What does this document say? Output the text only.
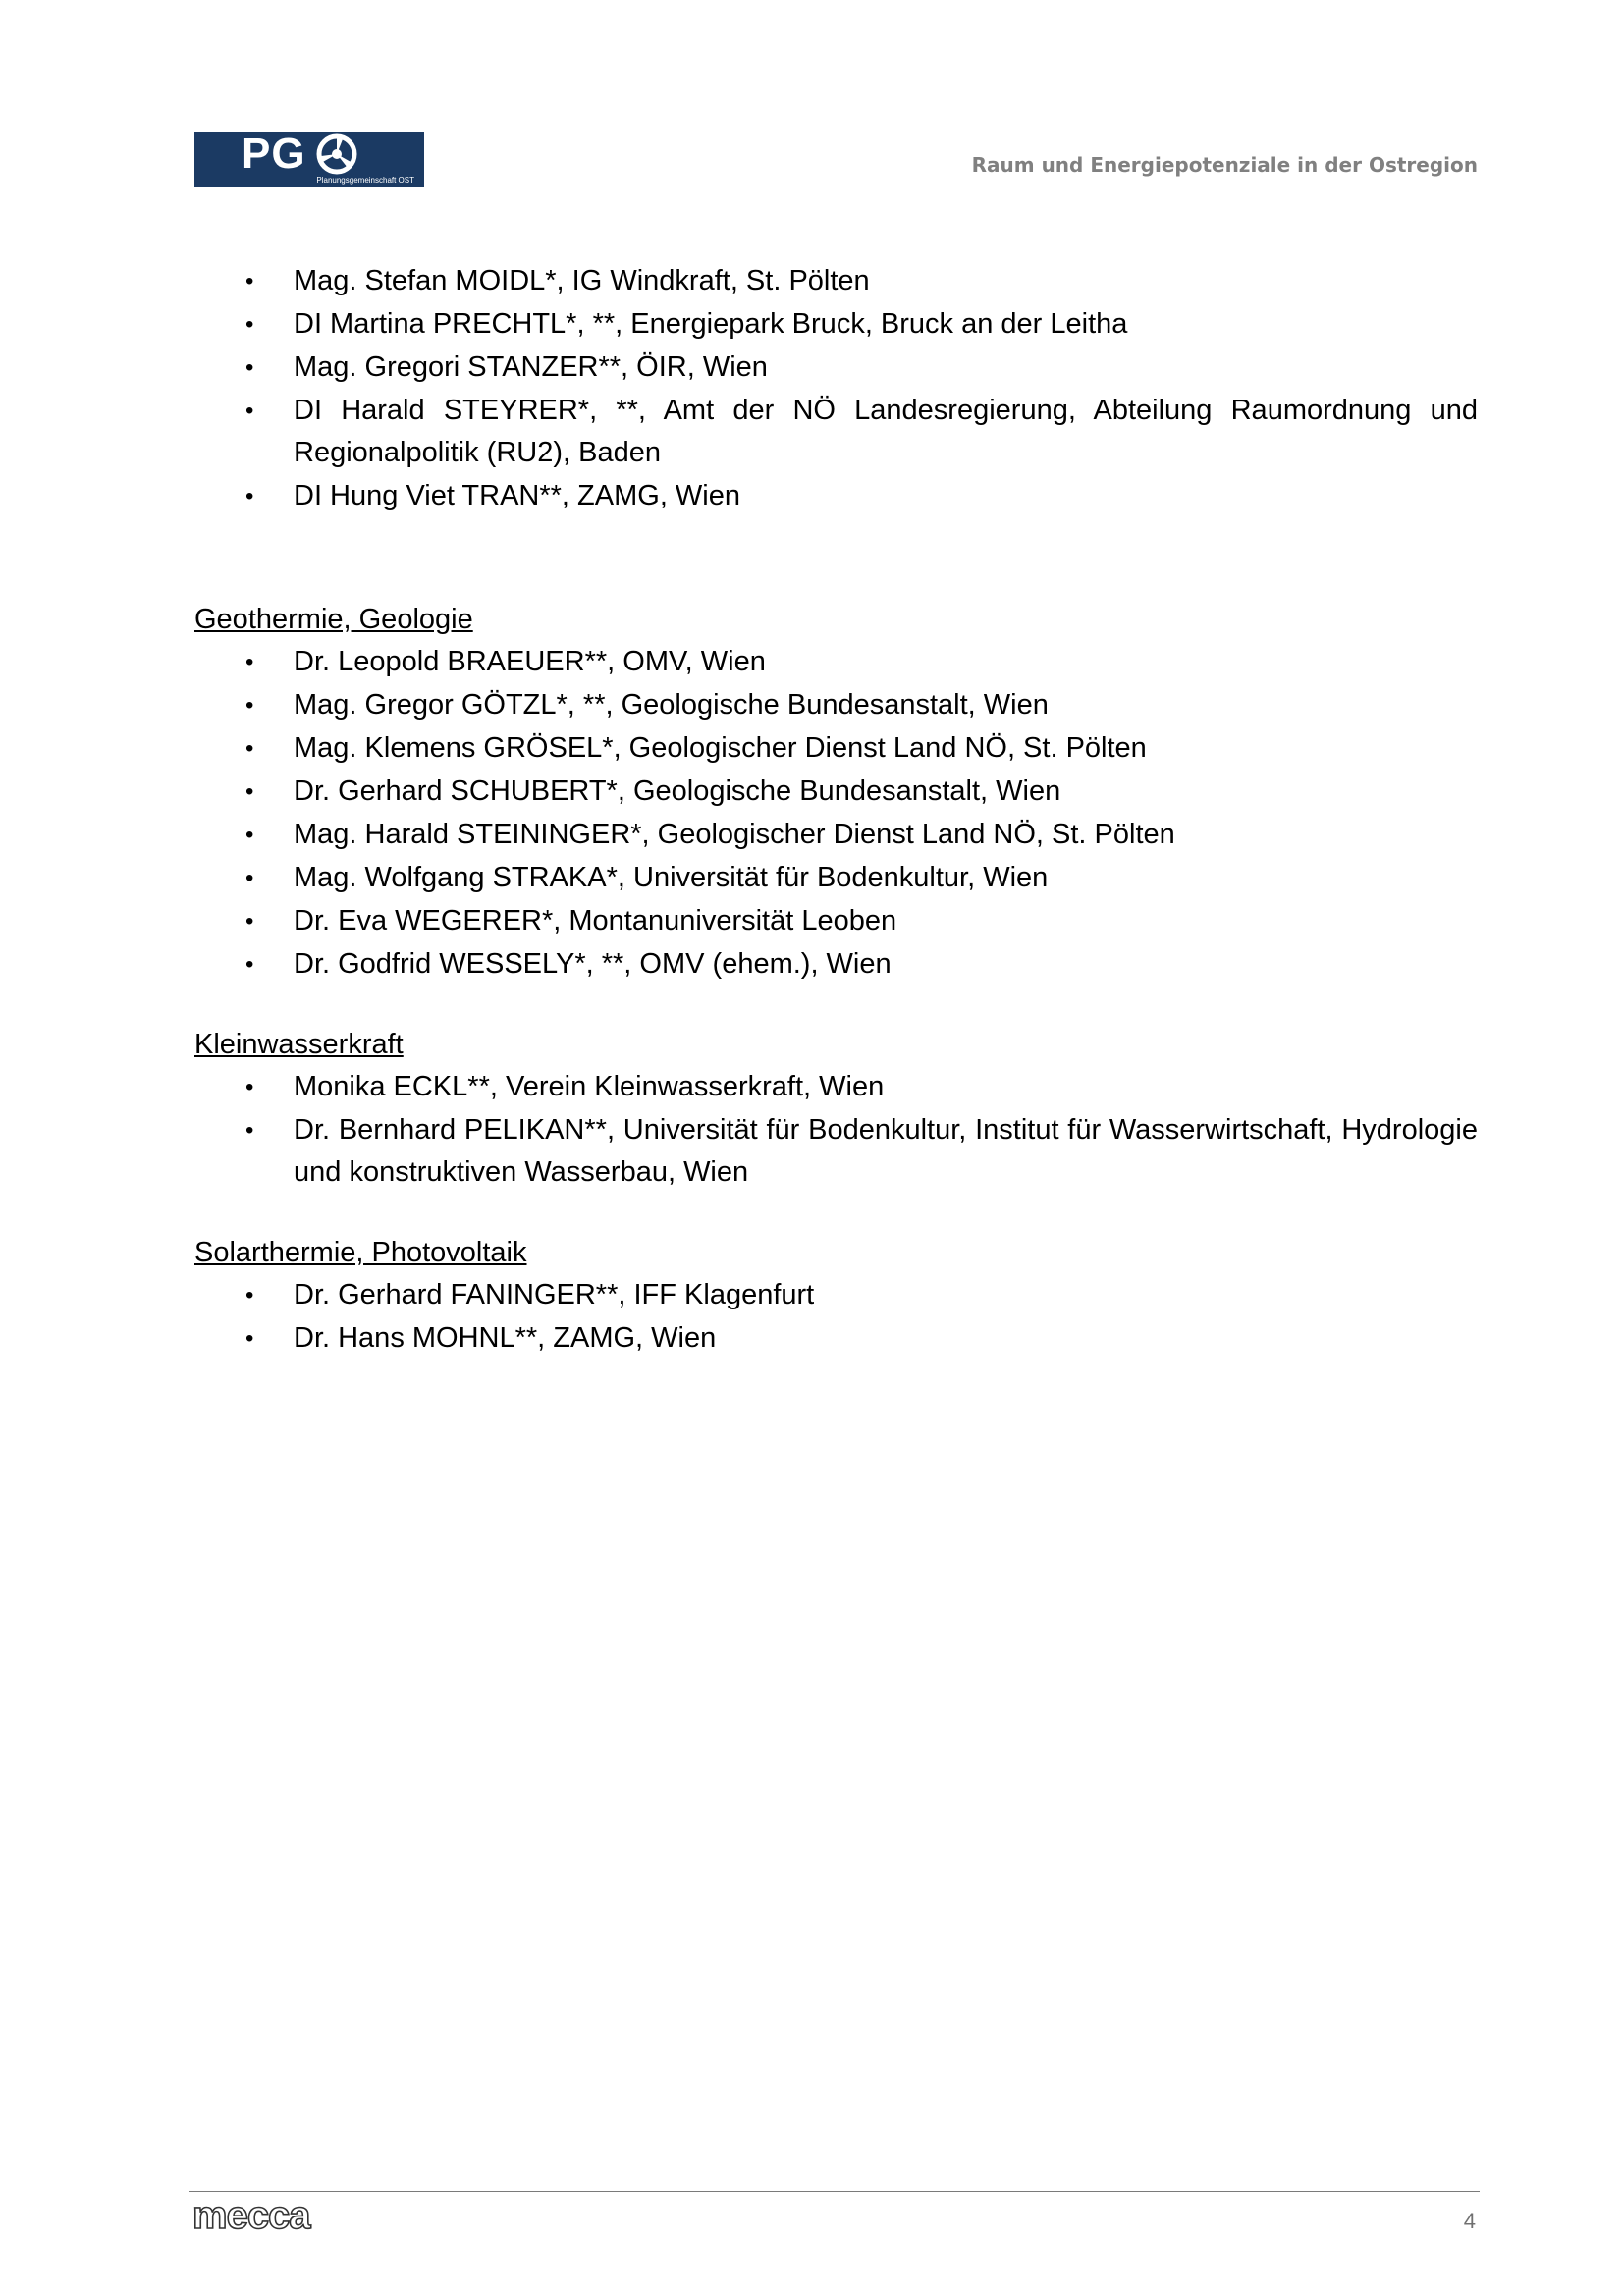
PG
Planungsgemeinschaft OST
Raum und Energiepotenziale in der Ostregion
• Mag. Stefan MOIDL*, IG Windkraft, St. Pölten
• DI Martina PRECHTL*, **, Energiepark Bruck, Bruck an der Leitha
• Mag. Gregori STANZER**, ÖIR, Wien
• DI Harald STEYRER*, **, Amt der NÖ Landesregierung, Abteilung Raumordnung und Regionalpolitik (RU2), Baden
• DI Hung Viet TRAN**, ZAMG, Wien

Geothermie, Geologie

• Dr. Leopold BRAEUER**, OMV, Wien
• Mag. Gregor GÖTZL*, **, Geologische Bundesanstalt, Wien
• Mag. Klemens GRÖSEL*, Geologischer Dienst Land NÖ, St. Pölten
• Dr. Gerhard SCHUBERT*, Geologische Bundesanstalt, Wien
• Mag. Harald STEININGER*, Geologischer Dienst Land NÖ, St. Pölten
• Mag. Wolfgang STRAKA*, Universität für Bodenkultur, Wien
• Dr. Eva WEGERER*, Montanuniversität Leoben
• Dr. Godfrid WESSELY*, **, OMV (ehem.), Wien

Kleinwasserkraft

• Monika ECKL**, Verein Kleinwasserkraft, Wien
• Dr. Bernhard PELIKAN**, Universität für Bodenkultur, Institut für Wasserwirtschaft, Hydrologie und konstruktiven Wasserbau, Wien

Solarthermie, Photovoltaik

• Dr. Gerhard FANINGER**, IFF Klagenfurt
• Dr. Hans MOHNL**, ZAMG, Wien
mecca	4
